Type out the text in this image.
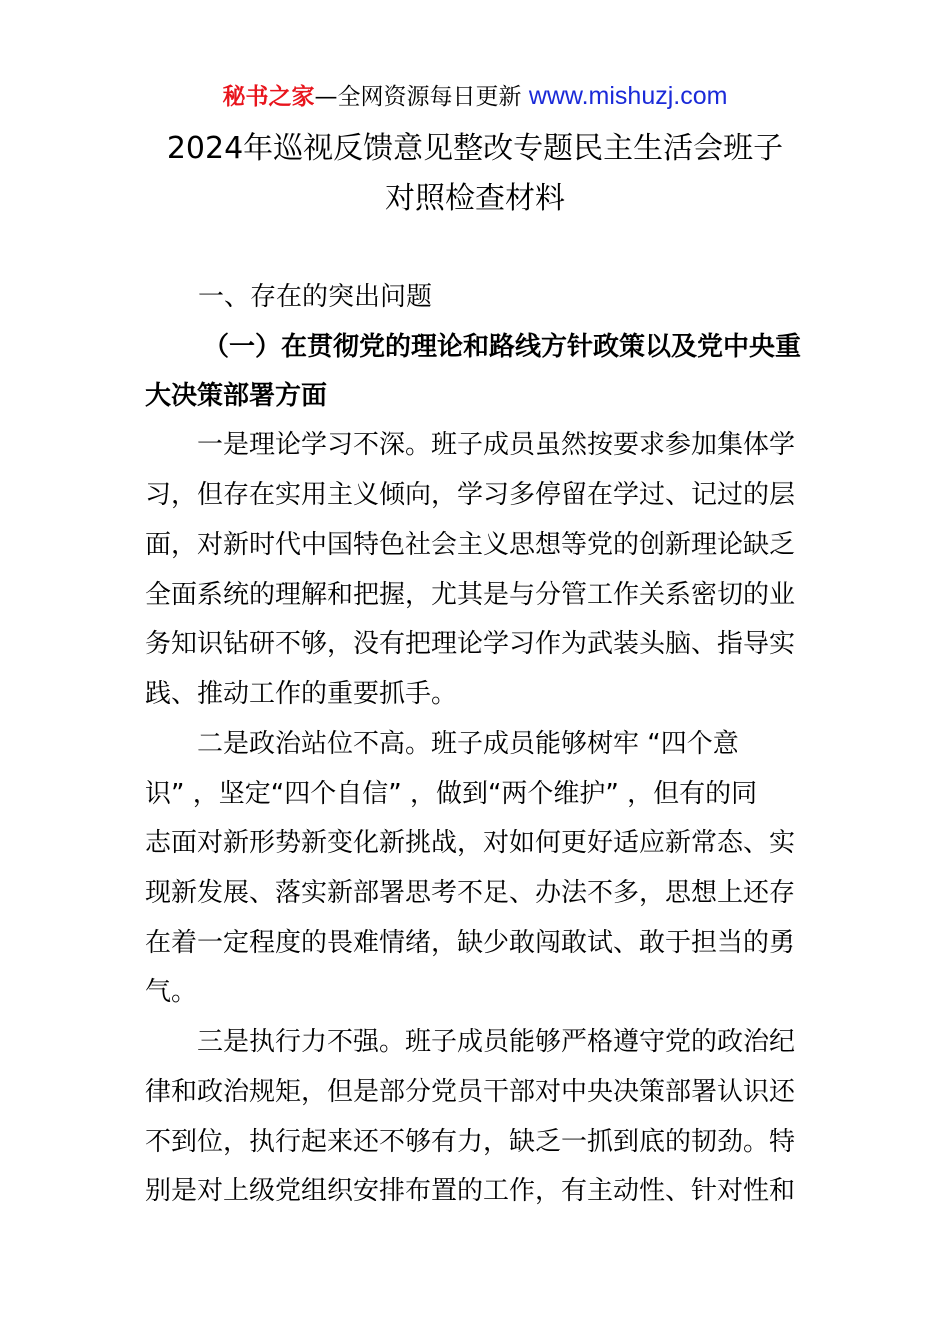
秘书之家—全网资源每日更新 www.mishuzj.com
2024年巡视反馈意见整改专题民主生活会班子
对照检查材料
一、存在的突出问题
（一）在贯彻党的理论和路线方针政策以及党中央重
大决策部署方面
一是理论学习不深。班子成员虽然按要求参加集体学
习，但存在实用主义倾向，学习多停留在学过、记过的层
面，对新时代中国特色社会主义思想等党的创新理论缺乏
全面系统的理解和把握，尤其是与分管工作关系密切的业
务知识钻研不够，没有把理论学习作为武装头脑、指导实
践、推动工作的重要抓手。
二是政治站位不高。班子成员能够树牢 “四个意
识” ，坚定“四个自信” ，做到“两个维护” ，但有的同
志面对新形势新变化新挑战，对如何更好适应新常态、实
现新发展、落实新部署思考不足、办法不多，思想上还存
在着一定程度的畏难情绪，缺少敢闯敢试、敢于担当的勇
气。
三是执行力不强。班子成员能够严格遵守党的政治纪
律和政治规矩，但是部分党员干部对中央决策部署认识还
不到位，执行起来还不够有力，缺乏一抓到底的韧劲。特
别是对上级党组织安排布置的工作，有主动性、针对性和
